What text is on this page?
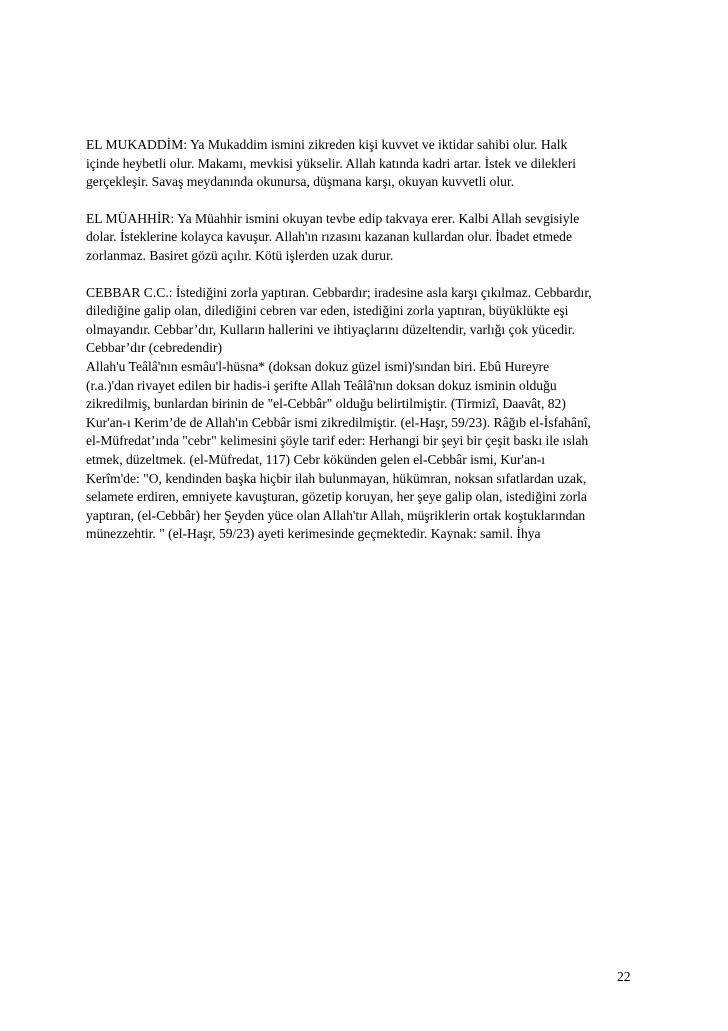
EL MUKADDİM: Ya Mukaddim ismini zikreden kişi kuvvet ve iktidar sahibi olur. Halk
içinde heybetli olur. Makamı, mevkisi yükselir. Allah katında kadri artar. İstek ve dilekleri
gerçekleşir. Savaş meydanında okunursa, düşmana karşı, okuyan kuvvetli olur.

EL MÜAHHİR: Ya Müahhir ismini okuyan tevbe edip takvaya erer. Kalbi Allah sevgisiyle
dolar. İsteklerine kolayca kavuşur. Allah'ın rızasını kazanan kullardan olur. İbadet etmede
zorlanmaz. Basiret gözü açılır. Kötü işlerden uzak durur.

CEBBAR C.C.: İstediğini zorla yaptıran. Cebbardır; iradesine asla karşı çıkılmaz. Cebbardır,
dilediğine galip olan, dilediğini cebren var eden, istediğini zorla yaptıran, büyüklükte eşi
olmayandır. Cebbar’dır, Kulların hallerini ve ihtiyaçlarını düzeltendir, varlığı çok yücedir.
Cebbar’dır (cebredendir)
Allah'u Teâlâ'nın esmâu'l-hüsna* (doksan dokuz güzel ismi)'sından biri. Ebû Hureyre
(r.a.)'dan rivayet edilen bir hadis-i şerifte Allah Teâlâ'nın doksan dokuz isminin olduğu
zikredilmiş, bunlardan birinin de "el-Cebbâr" olduğu belirtilmiştir. (Tirmizî, Daavât, 82)
Kur'an-ı Kerim’de de Allah'ın Cebbâr ismi zikredilmiştir. (el-Haşr, 59/23). Râğıb el-İsfahânî,
el-Müfredat’ında "cebr" kelimesini şöyle tarif eder: Herhangi bir şeyi bir çeşit baskı ile ıslah
etmek, düzeltmek. (el-Müfredat, 117) Cebr kökünden gelen el-Cebbâr ismi, Kur'an-ı
Kerîm'de: "O, kendinden başka hiçbir ilah bulunmayan, hükümran, noksan sıfatlardan uzak,
selamete erdiren, emniyete kavuşturan, gözetip koruyan, her şeye galip olan, istediğini zorla
yaptıran, (el-Cebbâr) her Şeyden yüce olan Allah'tır Allah, müşriklerin ortak koştuklarından
münezzehtir. " (el-Haşr, 59/23) ayeti kerimesinde geçmektedir. Kaynak: samil. İhya

22
